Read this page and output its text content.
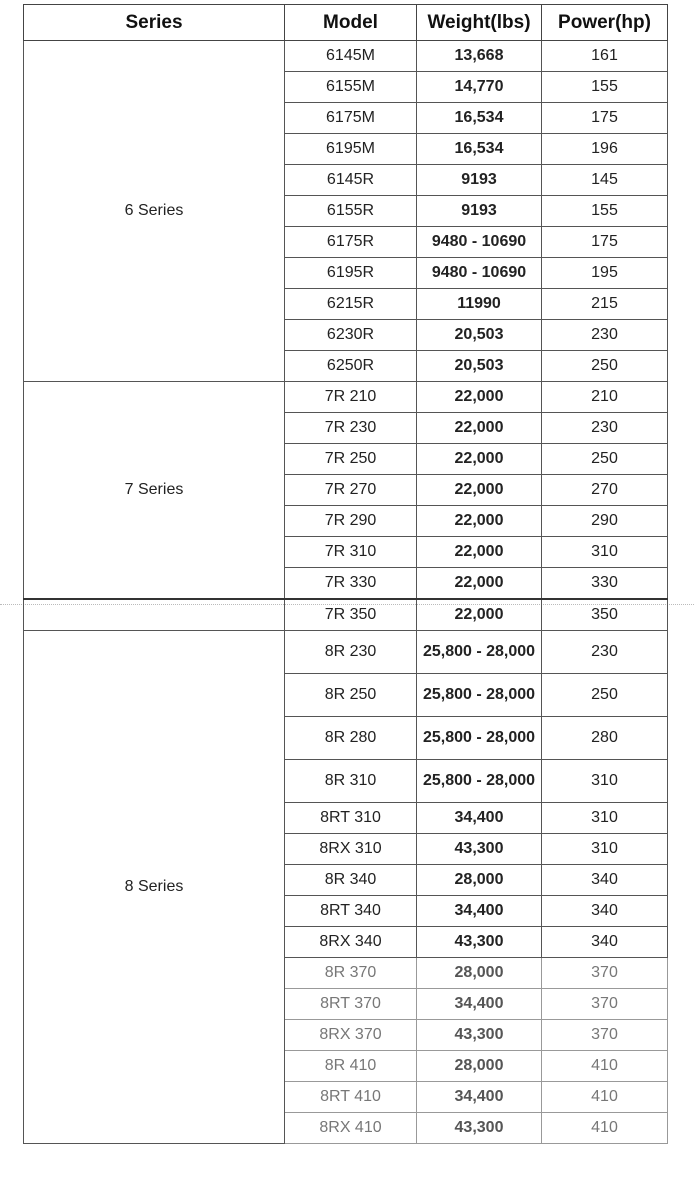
Series	Model	Weight(lbs)	Power(hp)
6 Series	6145M	13,668	161
	6155M	14,770	155
	6175M	16,534	175
	6195M	16,534	196
	6145R	9193	145
	6155R	9193	155
	6175R	9480 - 10690	175
	6195R	9480 - 10690	195
	6215R	11990	215
	6230R	20,503	230
	6250R	20,503	250
7 Series	7R 210	22,000	210
	7R 230	22,000	230
	7R 250	22,000	250
	7R 270	22,000	270
	7R 290	22,000	290
	7R 310	22,000	310
	7R 330	22,000	330
	7R 350	22,000	350
8 Series	8R 230	25,800 - 28,000	230
	8R 250	25,800 - 28,000	250
	8R 280	25,800 - 28,000	280
	8R 310	25,800 - 28,000	310
	8RT 310	34,400	310
	8RX 310	43,300	310
	8R 340	28,000	340
	8RT 340	34,400	340
	8RX 340	43,300	340
	8R 370	28,000	370
	8RT 370	34,400	370
	8RX 370	43,300	370
	8R 410	28,000	410
	8RT 410	34,400	410
	8RX 410	43,300	410
